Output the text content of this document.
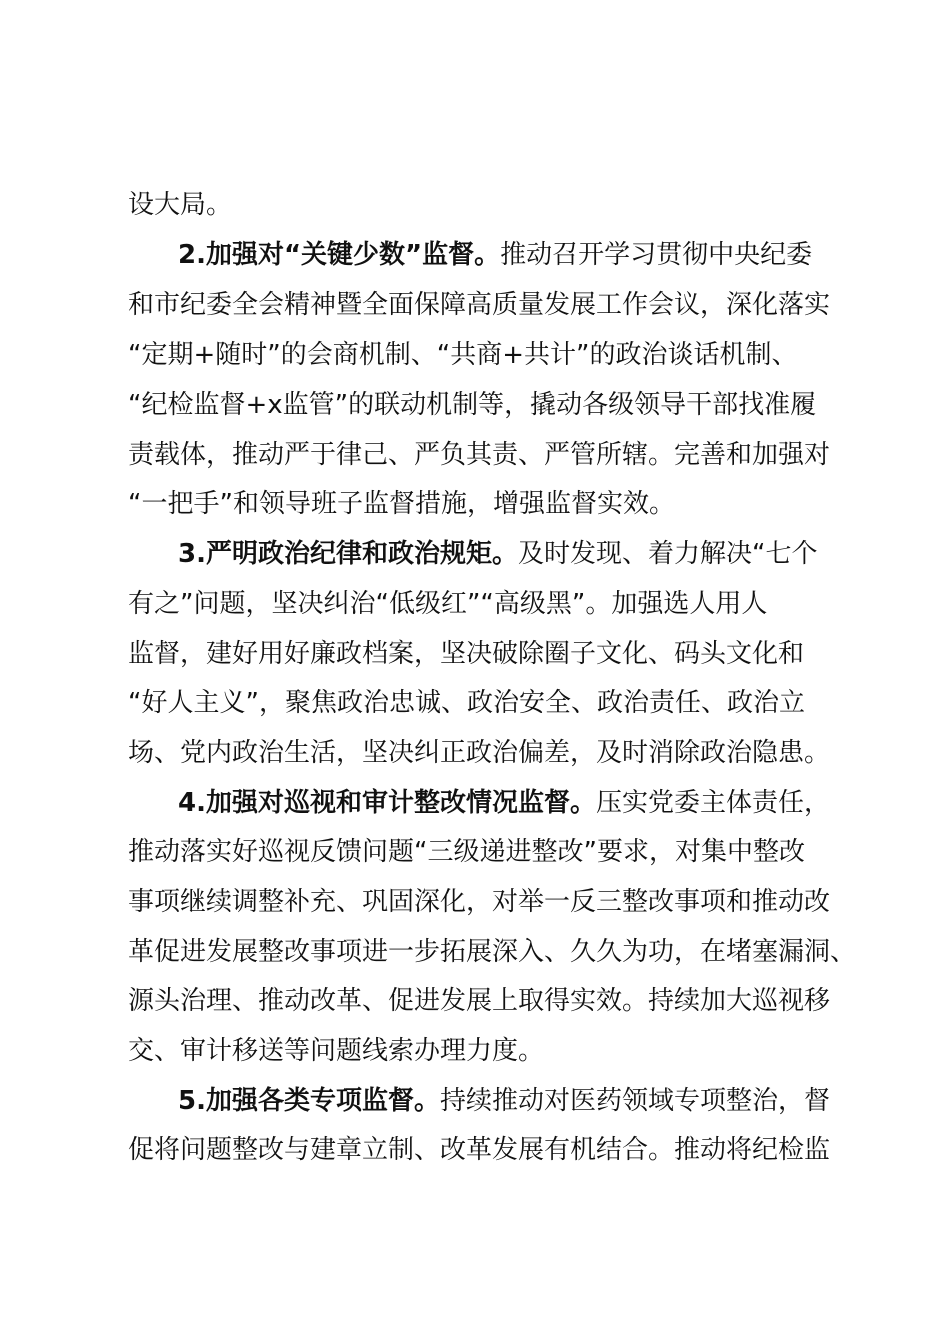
设大局。
2.加强对“关键少数”监督。推动召开学习贯彻中央纪委
和市纪委全会精神暨全面保障高质量发展工作会议，深化落实
“定期+随时”的会商机制、“共商+共计”的政治谈话机制、
“纪检监督+x监管”的联动机制等，撬动各级领导干部找准履
责载体，推动严于律己、严负其责、严管所辖。完善和加强对
“一把手”和领导班子监督措施，增强监督实效。
3.严明政治纪律和政治规矩。及时发现、着力解决“七个
有之”问题，坚决纠治“低级红”“高级黑”。加强选人用人
监督，建好用好廉政档案，坚决破除圈子文化、码头文化和
“好人主义”，聚焦政治忠诚、政治安全、政治责任、政治立
场、党内政治生活，坚决纠正政治偏差，及时消除政治隐患。
4.加强对巡视和审计整改情况监督。压实党委主体责任，
推动落实好巡视反馈问题“三级递进整改”要求，对集中整改
事项继续调整补充、巩固深化，对举一反三整改事项和推动改
革促进发展整改事项进一步拓展深入、久久为功，在堵塞漏洞、
源头治理、推动改革、促进发展上取得实效。持续加大巡视移
交、审计移送等问题线索办理力度。
5.加强各类专项监督。持续推动对医药领域专项整治，督
促将问题整改与建章立制、改革发展有机结合。推动将纪检监
